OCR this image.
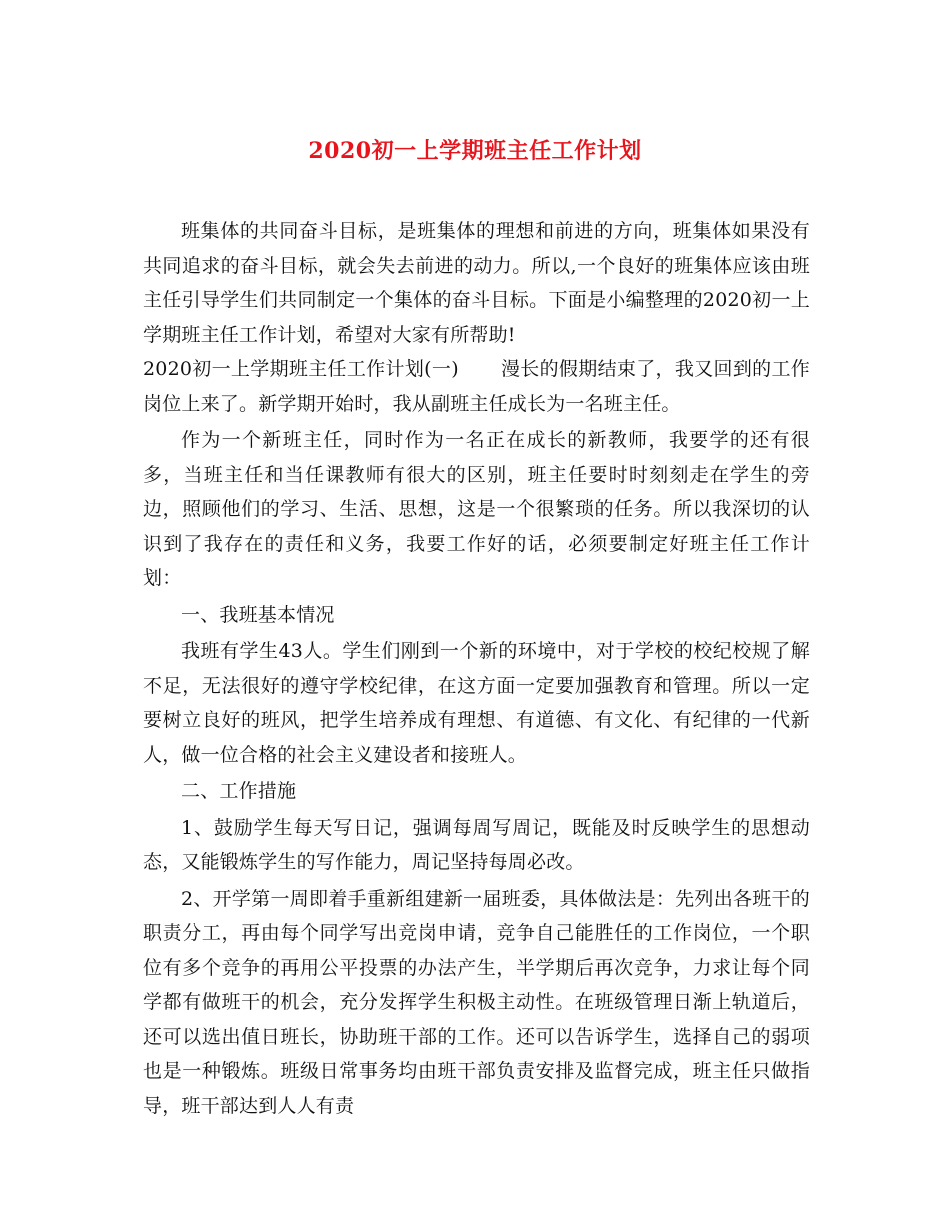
2020初一上学期班主任工作计划

班集体的共同奋斗目标，是班集体的理想和前进的方向，班集体如果没有共同追求的奋斗目标，就会失去前进的动力。所以,一个良好的班集体应该由班主任引导学生们共同制定一个集体的奋斗目标。下面是小编整理的2020初一上学期班主任工作计划，希望对大家有所帮助!

2020初一上学期班主任工作计划(一) 漫长的假期结束了，我又回到的工作岗位上来了。新学期开始时，我从副班主任成长为一名班主任。

作为一个新班主任，同时作为一名正在成长的新教师，我要学的还有很多，当班主任和当任课教师有很大的区别，班主任要时时刻刻走在学生的旁边，照顾他们的学习、生活、思想，这是一个很繁琐的任务。所以我深切的认识到了我存在的责任和义务，我要工作好的话，必须要制定好班主任工作计划：

一、我班基本情况

我班有学生43人。学生们刚到一个新的环境中，对于学校的校纪校规了解不足，无法很好的遵守学校纪律，在这方面一定要加强教育和管理。所以一定要树立良好的班风，把学生培养成有理想、有道德、有文化、有纪律的一代新人，做一位合格的社会主义建设者和接班人。

二、工作措施

1、鼓励学生每天写日记，强调每周写周记，既能及时反映学生的思想动态，又能锻炼学生的写作能力，周记坚持每周必改。

2、开学第一周即着手重新组建新一届班委，具体做法是：先列出各班干的职责分工，再由每个同学写出竞岗申请，竞争自己能胜任的工作岗位，一个职位有多个竞争的再用公平投票的办法产生，半学期后再次竞争，力求让每个同学都有做班干的机会，充分发挥学生积极主动性。在班级管理日渐上轨道后，还可以选出值日班长，协助班干部的工作。还可以告诉学生，选择自己的弱项也是一种锻炼。班级日常事务均由班干部负责安排及监督完成，班主任只做指导，班干部达到人人有责
